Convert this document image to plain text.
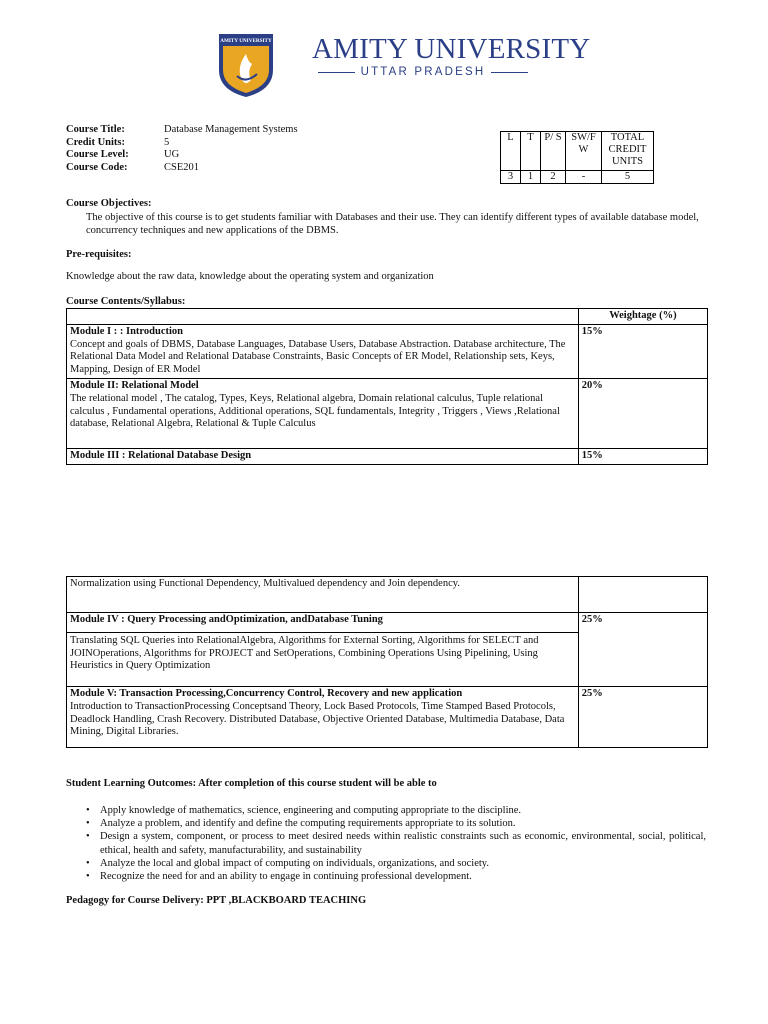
AMITY UNIVERSITY AMITY UNIVERSITY
UTTAR PRADESH
Course Title:	Database Management Systems
Credit Units:	5
Course Level:	UG
Course Code:	CSE201
L	T	P/ S	SW/F W	TOTAL CREDIT UNITS
3	1	2	-	5
Course Objectives:
The objective of this course is to get students familiar with Databases and their use. They can identify different types of available database model, concurrency techniques and new applications of the DBMS.
Pre-requisites:
Knowledge about the raw data, knowledge about the operating system and organization
Course Contents/Syllabus:
	Weightage (%)

Module I : : Introduction
Concept and goals of DBMS, Database Languages, Database Users, Database Abstraction. Database architecture, The Relational Data Model and Relational Database Constraints, Basic Concepts of ER Model, Relationship sets, Keys, Mapping, Design of ER Model	15%

Module II: Relational Model
The relational model , The catalog, Types, Keys, Relational algebra, Domain relational calculus, Tuple relational calculus , Fundamental operations, Additional operations, SQL fundamentals, Integrity , Triggers , Views ,Relational database, Relational Algebra, Relational & Tuple Calculus	20%
Module III : Relational Database Design	15%
Normalization using Functional Dependency, Multivalued dependency and Join dependency.	

Module IV : Query Processing andOptimization, andDatabase Tuning
Translating SQL Queries into RelationalAlgebra, Algorithms for External Sorting, Algorithms for SELECT and JOINOperations, Algorithms for PROJECT and SetOperations, Combining Operations Using Pipelining, Using Heuristics in Query Optimization	25%

Module V: Transaction Processing,Concurrency Control, Recovery and new application
Introduction to TransactionProcessing Conceptsand Theory, Lock Based Protocols, Time Stamped Based Protocols, Deadlock Handling, Crash Recovery. Distributed Database, Objective Oriented Database, Multimedia Database, Data Mining, Digital Libraries.	25%
Student Learning Outcomes: After completion of this course student will be able to
• Apply knowledge of mathematics, science, engineering and computing appropriate to the discipline.
• Analyze a problem, and identify and define the computing requirements appropriate to its solution.
• Design a system, component, or process to meet desired needs within realistic constraints such as economic, environmental, social, political, ethical, health and safety, manufacturability, and sustainability
• Analyze the local and global impact of computing on individuals, organizations, and society.
• Recognize the need for and an ability to engage in continuing professional development.
Pedagogy for Course Delivery: PPT ,BLACKBOARD TEACHING
